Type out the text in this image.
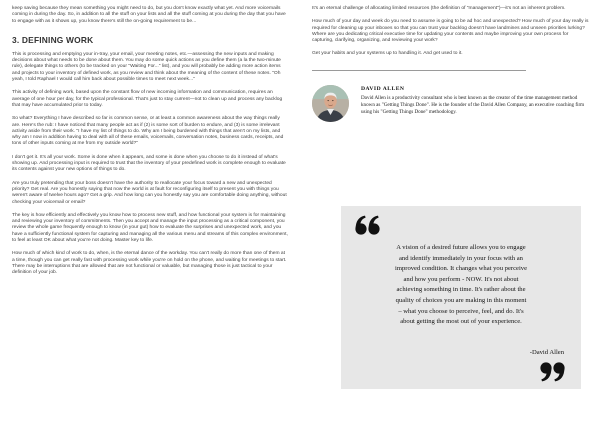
keep saving because they mean something you might need to do, but you don't know exactly what yet. And more voicemails coming in during the day. So, in addition to all the stuff on your lists and all the stuff coming at you during the day that you have to engage with as it shows up, you know there's still the on-going requirement to be...

3. DEFINING WORK

This is processing and emptying your in-tray, your email, your meeting notes, etc.—assessing the new inputs and making decisions about what needs to be done about them. You may do some quick actions as you define them (a la the two-minute rule), delegate things to others (to be tracked on your "Waiting For..." list), and you will probably be adding more action items and projects to your inventory of defined work, as you review and think about the meaning of the content of these notes. "Oh yeah, I told Raphael I would call him back about possible times to meet next week..."

This activity of defining work, based upon the constant flow of new incoming information and communication, requires an average of one hour per day, for the typical professional. That's just to stay current—not to clean up and process any backlog that may have accumulated prior to today.

So what? Everything I have described so far is common sense, or at least a common awareness about the way things really are. Here's the rub: I have noticed that many people act as if (2) is some sort of burden to endure, and (3) is some irrelevant activity aside from their work. "I have my list of things to do. Why am I being burdened with things that aren't on my lists, and why am I now in addition having to deal with all of these emails, voicemails, conversation notes, business cards, receipts, and tons of other inputs coming at me from my outside world?"

I don't get it. It's all your work. Some is done when it appears, and some is done when you choose to do it instead of what's showing up. And processing input is required to trust that the inventory of your predefined work is complete enough to evaluate its contents against your new options of things to do.

Are you truly pretending that your boss doesn't have the authority to reallocate your focus toward a new and unexpected priority? Get real. Are you honestly saying that now the world is at fault for reconfiguring itself to present you with things you weren't aware of twelve hours ago? Get a grip. And how long can you honestly say you are comfortable doing anything, without checking your voicemail or email?

The key is how efficiently and effectively you know how to process new stuff, and how functional your system is for maintaining and reviewing your inventory of commitments. Then you accept and manage the input processing as a critical component, you review the whole game frequently enough to know (in your gut) how to evaluate the surprises and unexpected work, and you have a sufficiently functional system for capturing and managing all the various menu and streams of this complex environment, to feel at least OK about what you're not doing. Master key to life.

How much of which kind of work to do, when, is the eternal dance of the workday. You can't really do more than one of them at a time, though you can get really fast with processing work while you're on hold on the phone, and waiting for meetings to start. There may be interruptions that are allowed that are not functional or valuable, but managing those is just tactical to your definition of your job.

It's an eternal challenge of allocating limited resources (the definition of "management")—it's not an inherent problem.

How much of your day and week do you need to assume is going to be ad hoc and unexpected? How much of your day really is required for cleaning up your inboxes so that you can trust your backlog doesn't have landmines and unseen priorities lurking? Where are you dedicating critical executive time for updating your contents and maybe improving your own process for capturing, clarifying, organizing, and reviewing your work?

Get your habits and your systems up to handling it. And get used to it.

DAVID ALLEN
David Allen is a productivity consultant who is best known as the creator of the time management method known as "Getting Things Done". He is the founder of the David Allen Company, an executive coaching firm using his "Getting Things Done" methodology.
A vision of a desired future allows you to engage
and identify immediately in your focus with an
improved condition. It changes what you perceive
and how you perform - NOW. It's not about
achieving something in time. It's rather about the
quality of choices you are making in this moment
– what you choose to perceive, feel, and do. It's
about getting the most out of your experience.
-David Allen
